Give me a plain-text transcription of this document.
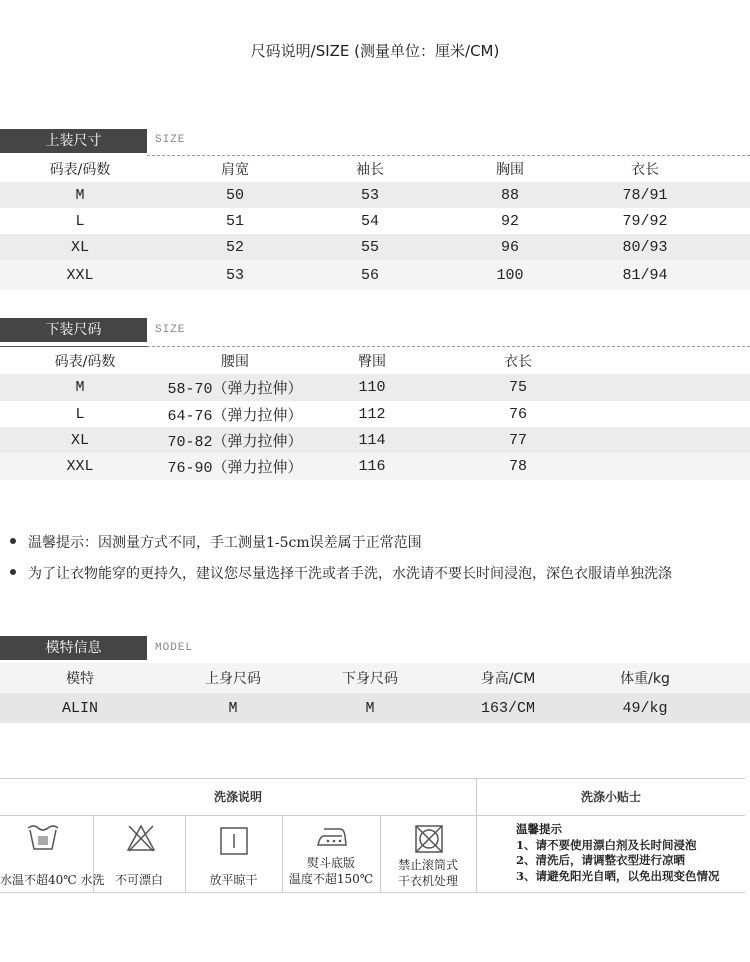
尺码说明/SIZE (测量单位：厘米/CM)
上装尺寸	SIZE
码表/码数	肩宽	袖长	胸围	衣长
M	50	53	88	78/91
L	51	54	92	79/92
XL	52	55	96	80/93
XXL	53	56	100	81/94
下装尺码	SIZE
码表/码数	腰围	臀围	衣长
M	58-70（弹力拉伸）	110	75
L	64-76（弹力拉伸）	112	76
XL	70-82（弹力拉伸）	114	77
XXL	76-90（弹力拉伸）	116	78
温馨提示：因测量方式不同，手工测量1-5cm误差属于正常范围
为了让衣物能穿的更持久，建议您尽量选择干洗或者手洗，水洗请不要长时间浸泡，深色衣服请单独洗涤
模特信息	MODEL
模特	上身尺码	下身尺码	身高/CM	体重/kg
ALIN	M	M	163/CM	49/kg
洗涤说明	洗涤小贴士
水温不超40℃ 水洗 不可漂白	放平晾干
熨斗底版
温度不超150℃
禁止滚筒式
干衣机处理
温馨提示
1、请不要使用漂白剂及长时间浸泡
2、清洗后，请调整衣型进行凉晒
3、请避免阳光自晒，以免出现变色情况
